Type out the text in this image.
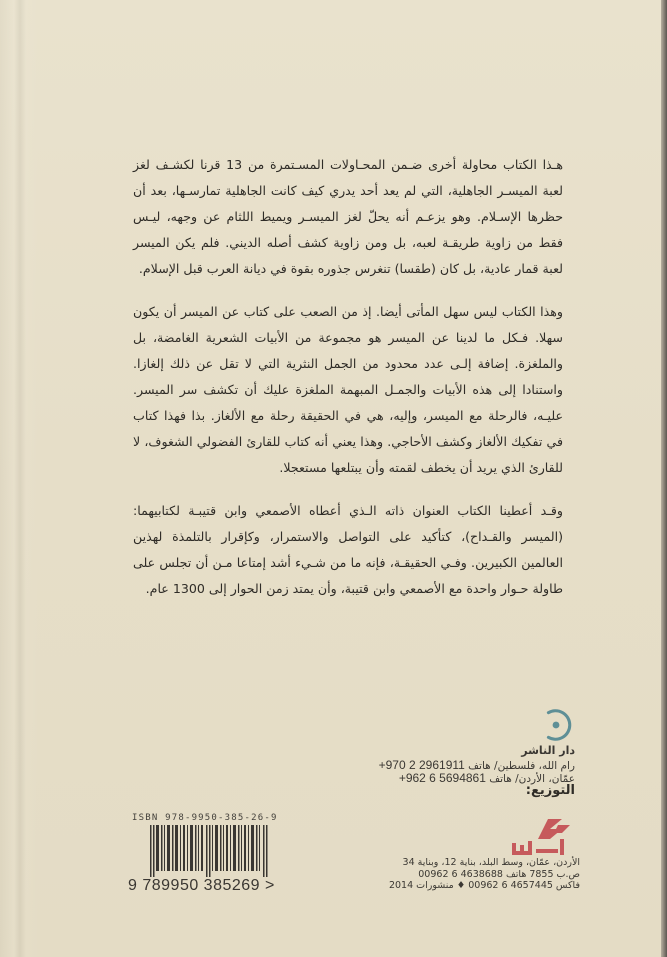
هـذا الكتاب محاولة أخرى ضـمن المحـاولات المسـتمرة من 13 قرنا لكشـف لغز لعبة الميسـر الجاهلية، التي لم يعد أحد يدري كيف كانت الجاهلية تمارسـها، بعد أن حظرها الإسـلام. وهو يزعـم أنه يحلّ لغز الميسـر ويميط اللثام عن وجهه، ليـس فقط من زاوية طريقـة لعبه، بل ومن زاوية كشف أصله الديني. فلم يكن الميسر لعبة قمار عادية، بل كان (طقسا) تنغرس جذوره بقوة في ديانة العرب قبل الإسلام.

وهذا الكتاب ليس سهل المأتى أيضا. إذ من الصعب على كتاب عن الميسر أن يكون سهلا. فـكل ما لدينا عن الميسر هو مجموعة من الأبيات الشعرية الغامضة، بل والملغزة. إضافة إلـى عدد محدود من الجمل النثرية التي لا تقل عن ذلك إلغازا. واستنادا إلى هذه الأبيات والجمـل المبهمة الملغزة عليك أن تكشف سر الميسر. عليـه، فالرحلة مع الميسر، وإليه، هي في الحقيقة رحلة مع الألغاز. بذا فهذا كتاب في تفكيك الألغاز وكشف الأحاجي. وهذا يعني أنه كتاب للقارئ الفضولي الشغوف، لا للقارئ الذي يريد أن يخطف لقمته وأن يبتلعها مستعجلا.

وقـد أعطينا الكتاب العنوان ذاته الـذي أعطاه الأصمعي وابن قتيبـة لكتابيهما: (الميسر والقـداح)، كتأكيد على التواصل والاستمرار، وكإقرار بالتلمذة لهذين العالمين الكبيرين. وفـي الحقيقـة، فإنه ما من شـيء أشد إمتاعا مـن أن تجلس على طاولة حـوار واحدة مع الأصمعي وابن قتيبة، وأن يمتد زمن الحوار إلى 1300 عام.

دار الناشر
رام الله، فلسطين/ هاتف +970 2 2961911
عمّان، الأردن/ هاتف +962 6 5694861
التوزيع:
الأردن، عمّان، وسط البلد، بناية 12، وبناية 34
ص.ب 7855 هاتف 4638688 6 00962
فاكس 4657445 6 00962 ♦ منشورات 2014
ISBN 978-9950-385-26-9
9 789950 385269 >
